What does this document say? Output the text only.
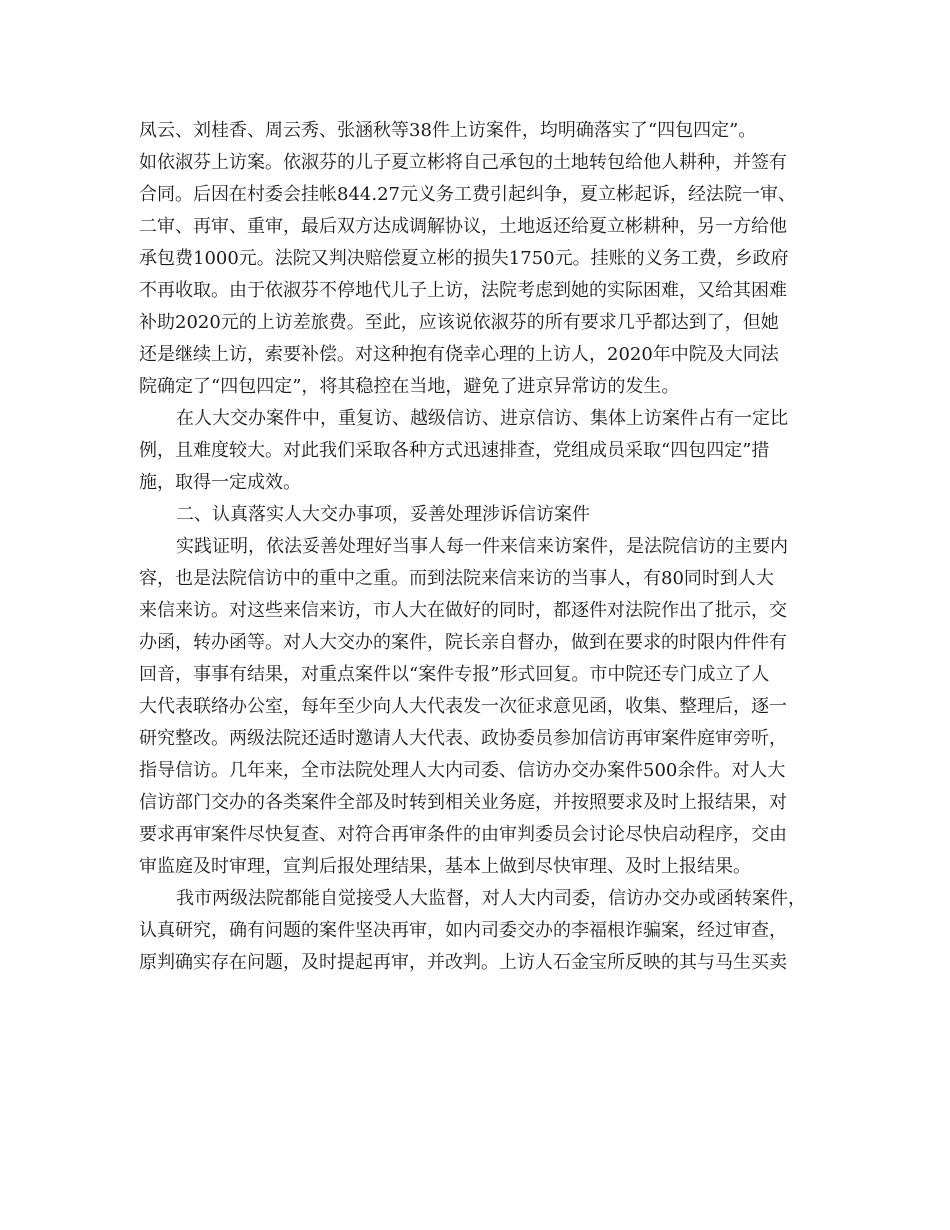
凤云、刘桂香、周云秀、张涵秋等38件上访案件，均明确落实了“四包四定”。
如依淑芬上访案。依淑芬的儿子夏立彬将自己承包的土地转包给他人耕种，并签有
合同。后因在村委会挂帐844.27元义务工费引起纠争，夏立彬起诉，经法院一审、
二审、再审、重审，最后双方达成调解协议，土地返还给夏立彬耕种，另一方给他
承包费1000元。法院又判决赔偿夏立彬的损失1750元。挂账的义务工费，乡政府
不再收取。由于依淑芬不停地代儿子上访，法院考虑到她的实际困难，又给其困难
补助2020元的上访差旅费。至此，应该说依淑芬的所有要求几乎都达到了，但她
还是继续上访，索要补偿。对这种抱有侥幸心理的上访人，2020年中院及大同法
院确定了“四包四定”，将其稳控在当地，避免了进京异常访的发生。
在人大交办案件中，重复访、越级信访、进京信访、集体上访案件占有一定比
例，且难度较大。对此我们采取各种方式迅速排查，党组成员采取“四包四定”措
施，取得一定成效。
二、认真落实人大交办事项，妥善处理涉诉信访案件
实践证明，依法妥善处理好当事人每一件来信来访案件，是法院信访的主要内
容，也是法院信访中的重中之重。而到法院来信来访的当事人，有80同时到人大
来信来访。对这些来信来访，市人大在做好的同时，都逐件对法院作出了批示，交
办函，转办函等。对人大交办的案件，院长亲自督办，做到在要求的时限内件件有
回音，事事有结果，对重点案件以“案件专报”形式回复。市中院还专门成立了人
大代表联络办公室，每年至少向人大代表发一次征求意见函，收集、整理后，逐一
研究整改。两级法院还适时邀请人大代表、政协委员参加信访再审案件庭审旁听，
指导信访。几年来，全市法院处理人大内司委、信访办交办案件500余件。对人大
信访部门交办的各类案件全部及时转到相关业务庭，并按照要求及时上报结果，对
要求再审案件尽快复查、对符合再审条件的由审判委员会讨论尽快启动程序，交由
审监庭及时审理，宣判后报处理结果，基本上做到尽快审理、及时上报结果。
我市两级法院都能自觉接受人大监督，对人大内司委，信访办交办或函转案件，
认真研究，确有问题的案件坚决再审，如内司委交办的李福根诈骗案，经过审查，
原判确实存在问题，及时提起再审，并改判。上访人石金宝所反映的其与马生买卖
